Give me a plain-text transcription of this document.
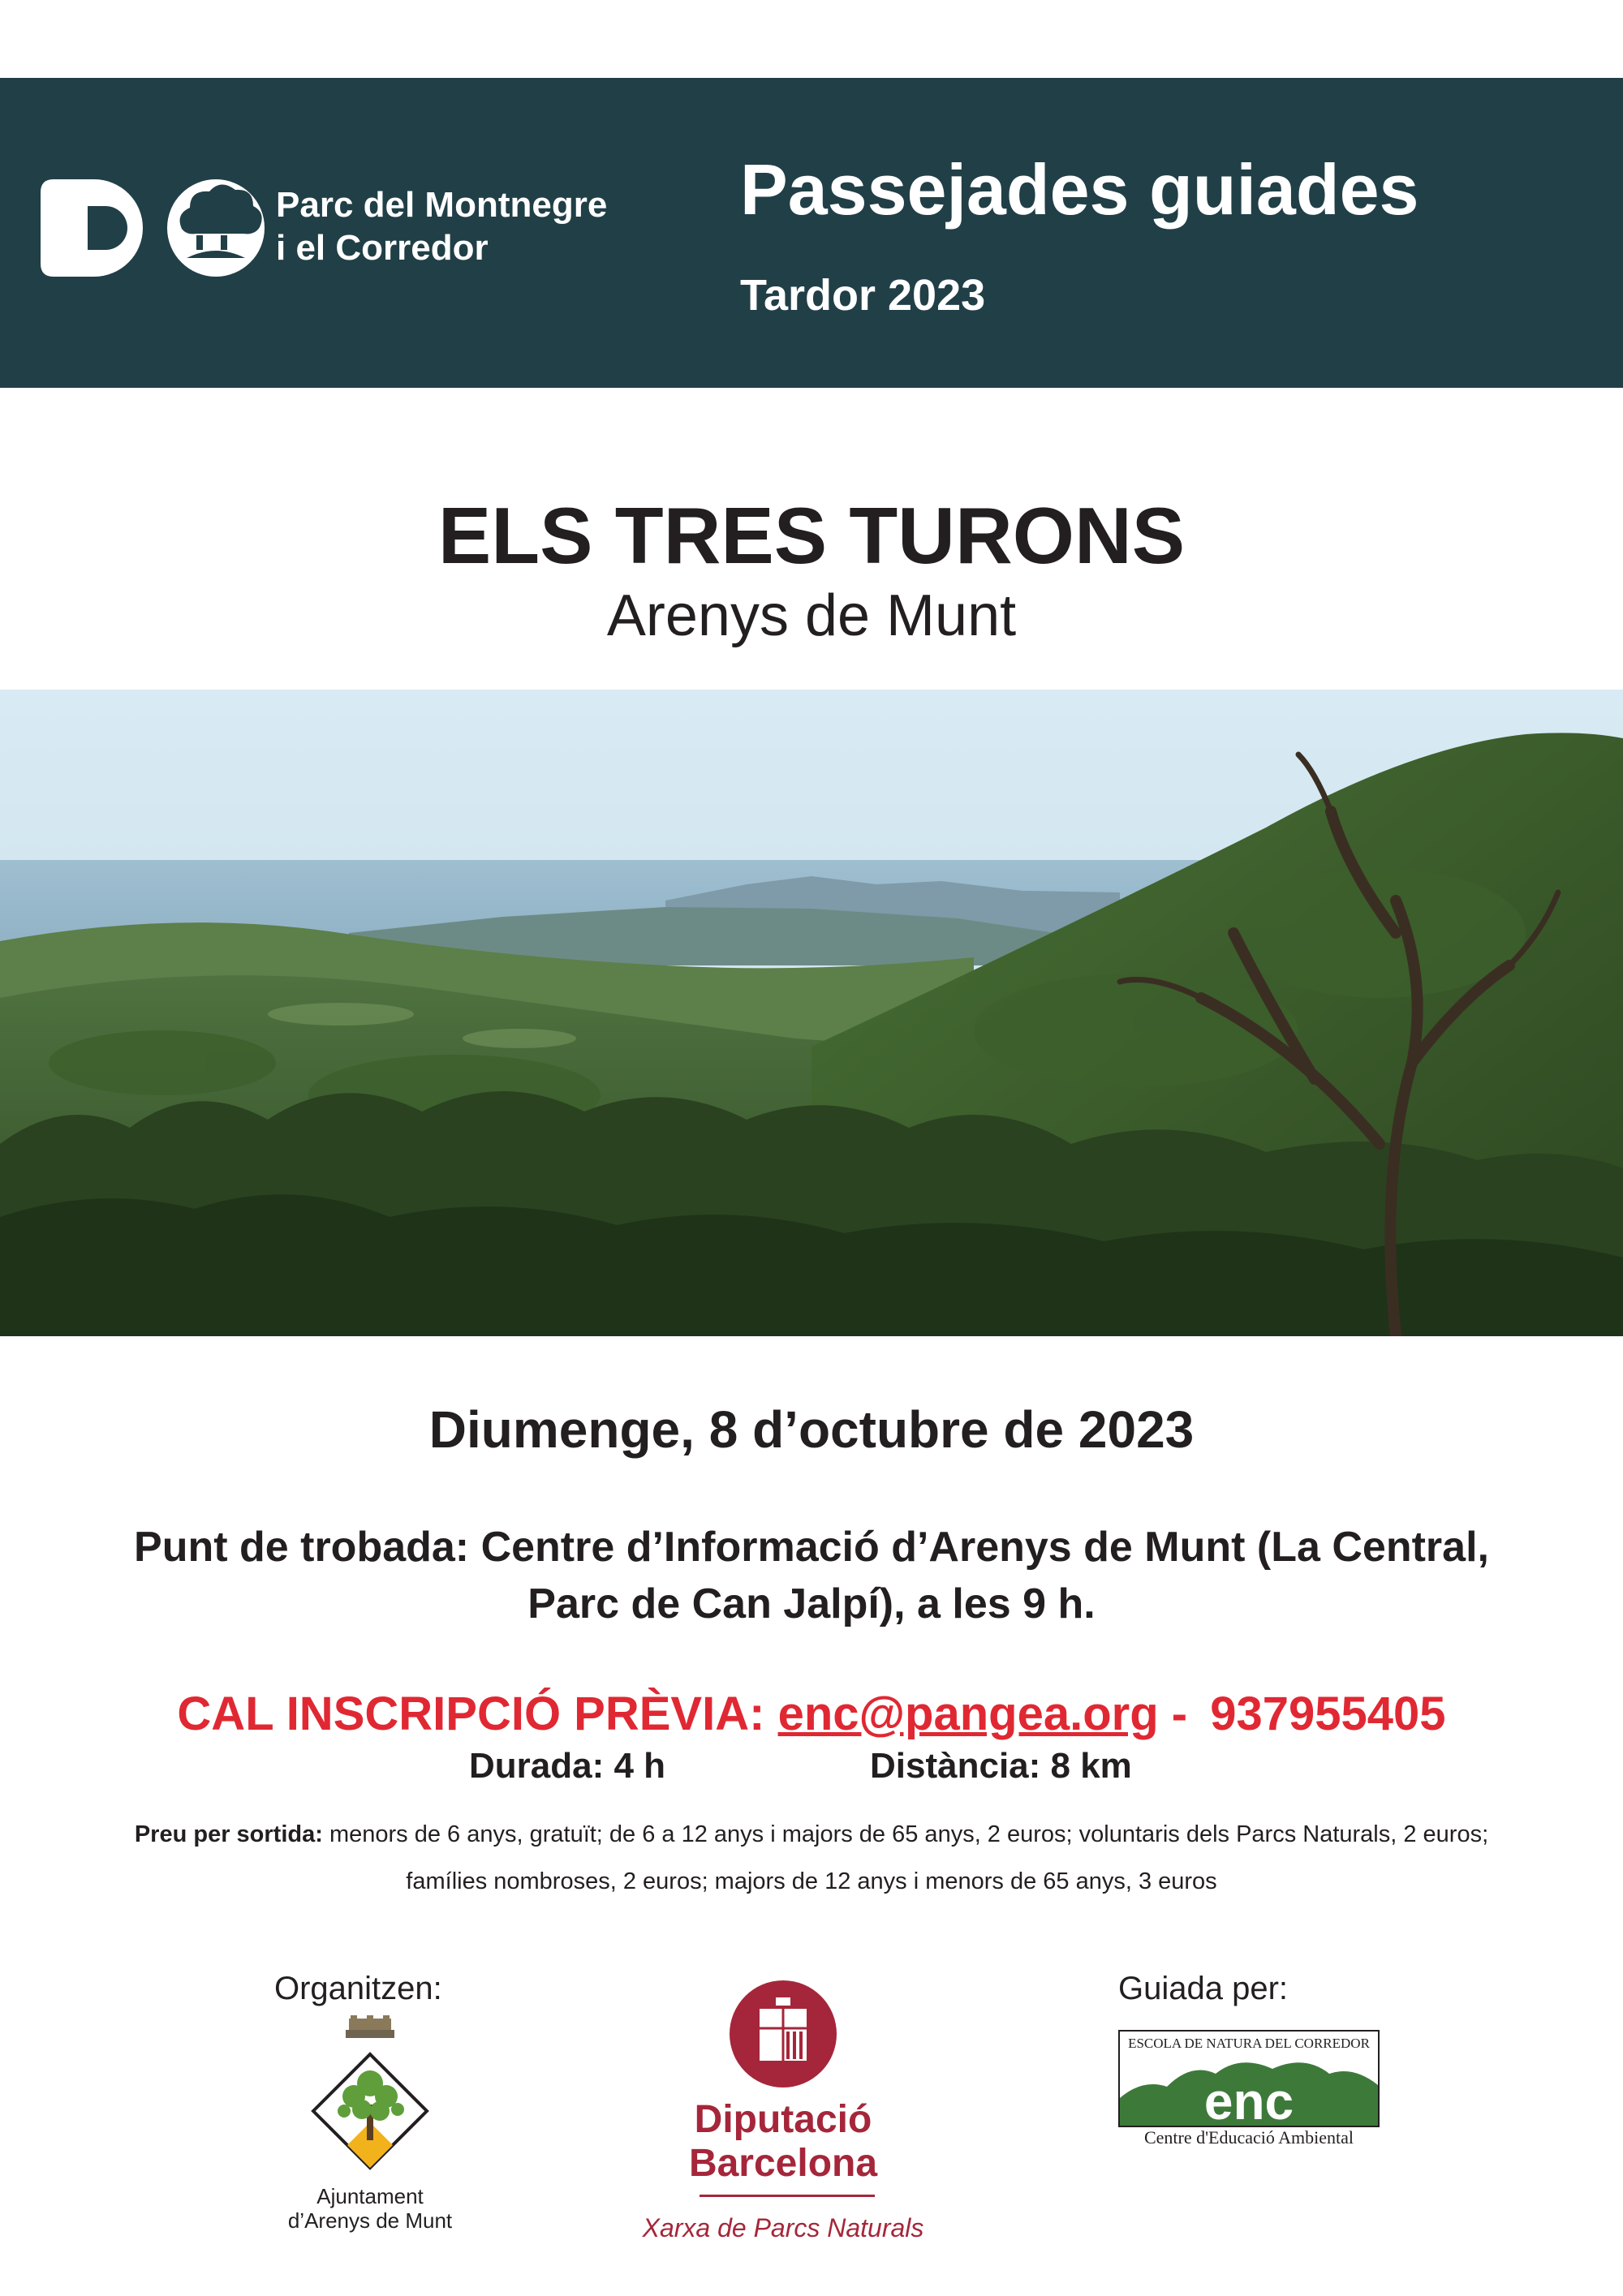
Parc del Montnegre
i el Corredor
Passejades guiades
Tardor 2023
ELS TRES TURONS
Arenys de Munt
Diumenge, 8 d’octubre de 2023
Punt de trobada: Centre d’Informació d’Arenys de Munt (La Central,
Parc de Can Jalpí), a les 9 h.
CAL INSCRIPCIÓ PRÈVIA: enc@pangea.org - 937955405
Durada: 4 h	Distància: 8 km
Preu per sortida: menors de 6 anys, gratuït; de 6 a 12 anys i majors de 65 anys, 2 euros; voluntaris dels Parcs Naturals, 2 euros;
famílies nombroses, 2 euros; majors de 12 anys i menors de 65 anys, 3 euros
Organitzen:	Guiada per:
Ajuntament
d’Arenys de Munt
Diputació
Barcelona
Xarxa de Parcs Naturals
ESCOLA DE NATURA DEL CORREDOR
enc
Centre d'Educació Ambiental
